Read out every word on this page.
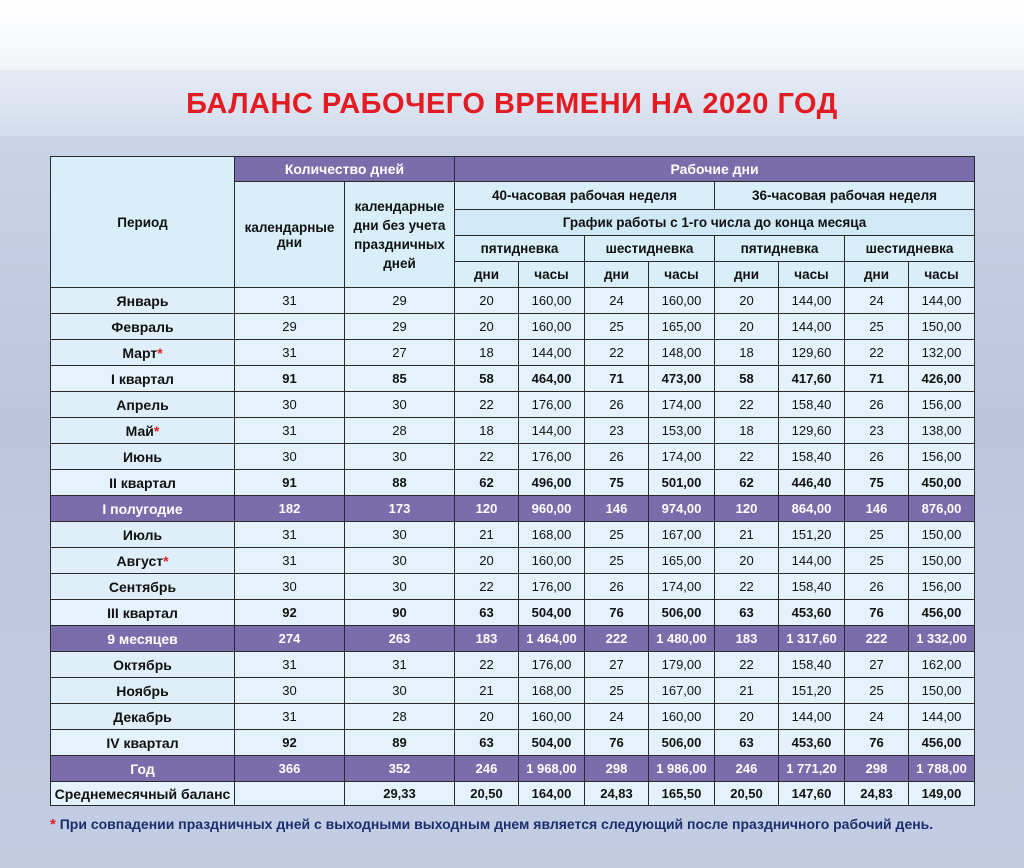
БАЛАНС РАБОЧЕГО ВРЕМЕНИ НА 2020 ГОД
Период	Количество дней		Рабочие дни							
	календарные дни	календарные дни без учета праздничных дней	40-часовая рабочая неделя				36-часовая рабочая неделя			
			График работы с 1-го числа до конца месяца							
			пятидневка		шестидневка		пятидневка		шестидневка	
			дни	часы	дни	часы	дни	часы	дни	часы
Январь	31	29	20	160,00	24	160,00	20	144,00	24	144,00
Февраль	29	29	20	160,00	25	165,00	20	144,00	25	150,00
Март*	31	27	18	144,00	22	148,00	18	129,60	22	132,00
I квартал	91	85	58	464,00	71	473,00	58	417,60	71	426,00
Апрель	30	30	22	176,00	26	174,00	22	158,40	26	156,00
Май*	31	28	18	144,00	23	153,00	18	129,60	23	138,00
Июнь	30	30	22	176,00	26	174,00	22	158,40	26	156,00
II квартал	91	88	62	496,00	75	501,00	62	446,40	75	450,00
I полугодие	182	173	120	960,00	146	974,00	120	864,00	146	876,00
Июль	31	30	21	168,00	25	167,00	21	151,20	25	150,00
Август*	31	30	20	160,00	25	165,00	20	144,00	25	150,00
Сентябрь	30	30	22	176,00	26	174,00	22	158,40	26	156,00
III квартал	92	90	63	504,00	76	506,00	63	453,60	76	456,00
9 месяцев	274	263	183	1 464,00	222	1 480,00	183	1 317,60	222	1 332,00
Октябрь	31	31	22	176,00	27	179,00	22	158,40	27	162,00
Ноябрь	30	30	21	168,00	25	167,00	21	151,20	25	150,00
Декабрь	31	28	20	160,00	24	160,00	20	144,00	24	144,00
IV квартал	92	89	63	504,00	76	506,00	63	453,60	76	456,00
Год	366	352	246	1 968,00	298	1 986,00	246	1 771,20	298	1 788,00
Среднемесячный баланс		29,33	20,50	164,00	24,83	165,50	20,50	147,60	24,83	149,00
* При совпадении праздничных дней с выходными выходным днем является следующий после праздничного рабочий день.
